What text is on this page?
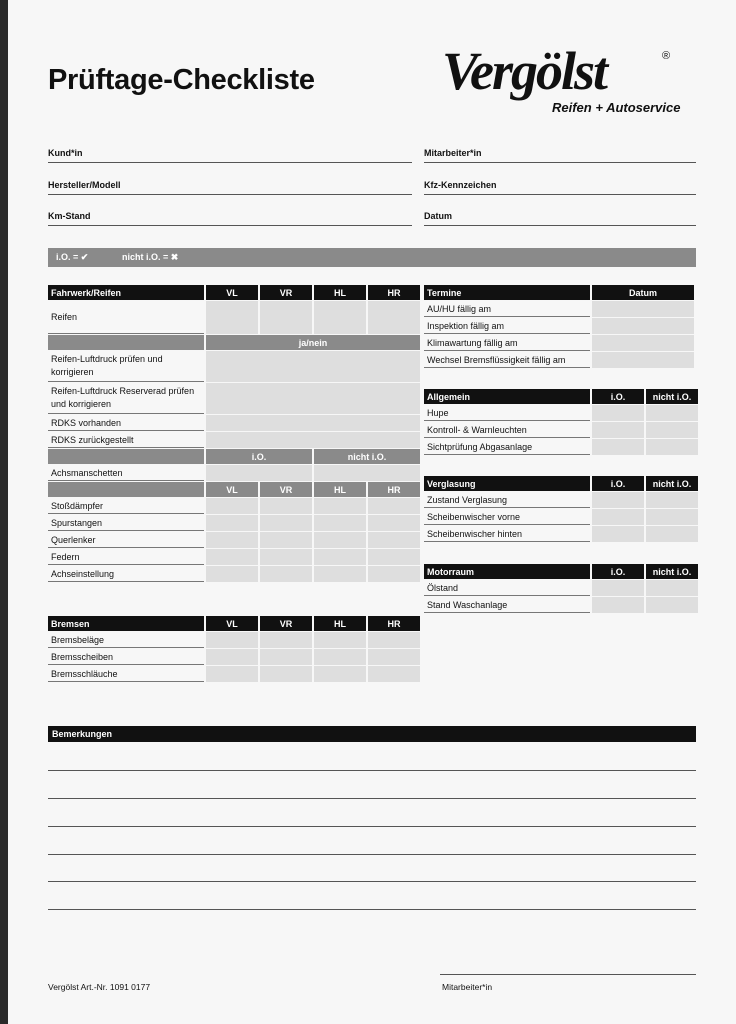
Prüftage-Checkliste Vergölst	®
Reifen + Autoservice
Kund*in
Hersteller/Modell
Km-Stand
Mitarbeiter*in
Kfz-Kennzeichen
Datum
i.O. = ✔	nicht i.O. = ✖
Fahrwerk/Reifen	VL	VR	HL	HR
Reifen				
	ja/nein			
Reifen-Luftdruck prüfen und korrigieren				
Reifen-Luftdruck Reserverad prüfen und korrigieren				
RDKS vorhanden				
RDKS zurückgestellt				
	i.O.		nicht i.O.	
Achsmanschetten				
	VL	VR	HL	HR
Stoßdämpfer				
Spurstangen				
Querlenker				
Federn				
Achseinstellung				
Bremsen	VL	VR	HL	HR
Bremsbeläge				
Bremsscheiben				
Bremsschläuche				
Termine	Datum
AU/HU fällig am	
Inspektion fällig am	
Klimawartung fällig am	
Wechsel Bremsflüssigkeit fällig am	
Allgemein	i.O.	nicht i.O.
Hupe		
Kontroll- & Warnleuchten		
Sichtprüfung Abgasanlage		
Verglasung	i.O.	nicht i.O.
Zustand Verglasung		
Scheibenwischer vorne		
Scheibenwischer hinten		
Motorraum	i.O.	nicht i.O.
Ölstand		
Stand Waschanlage		
Bemerkungen
Vergölst Art.-Nr. 1091 0177	Mitarbeiter*in
